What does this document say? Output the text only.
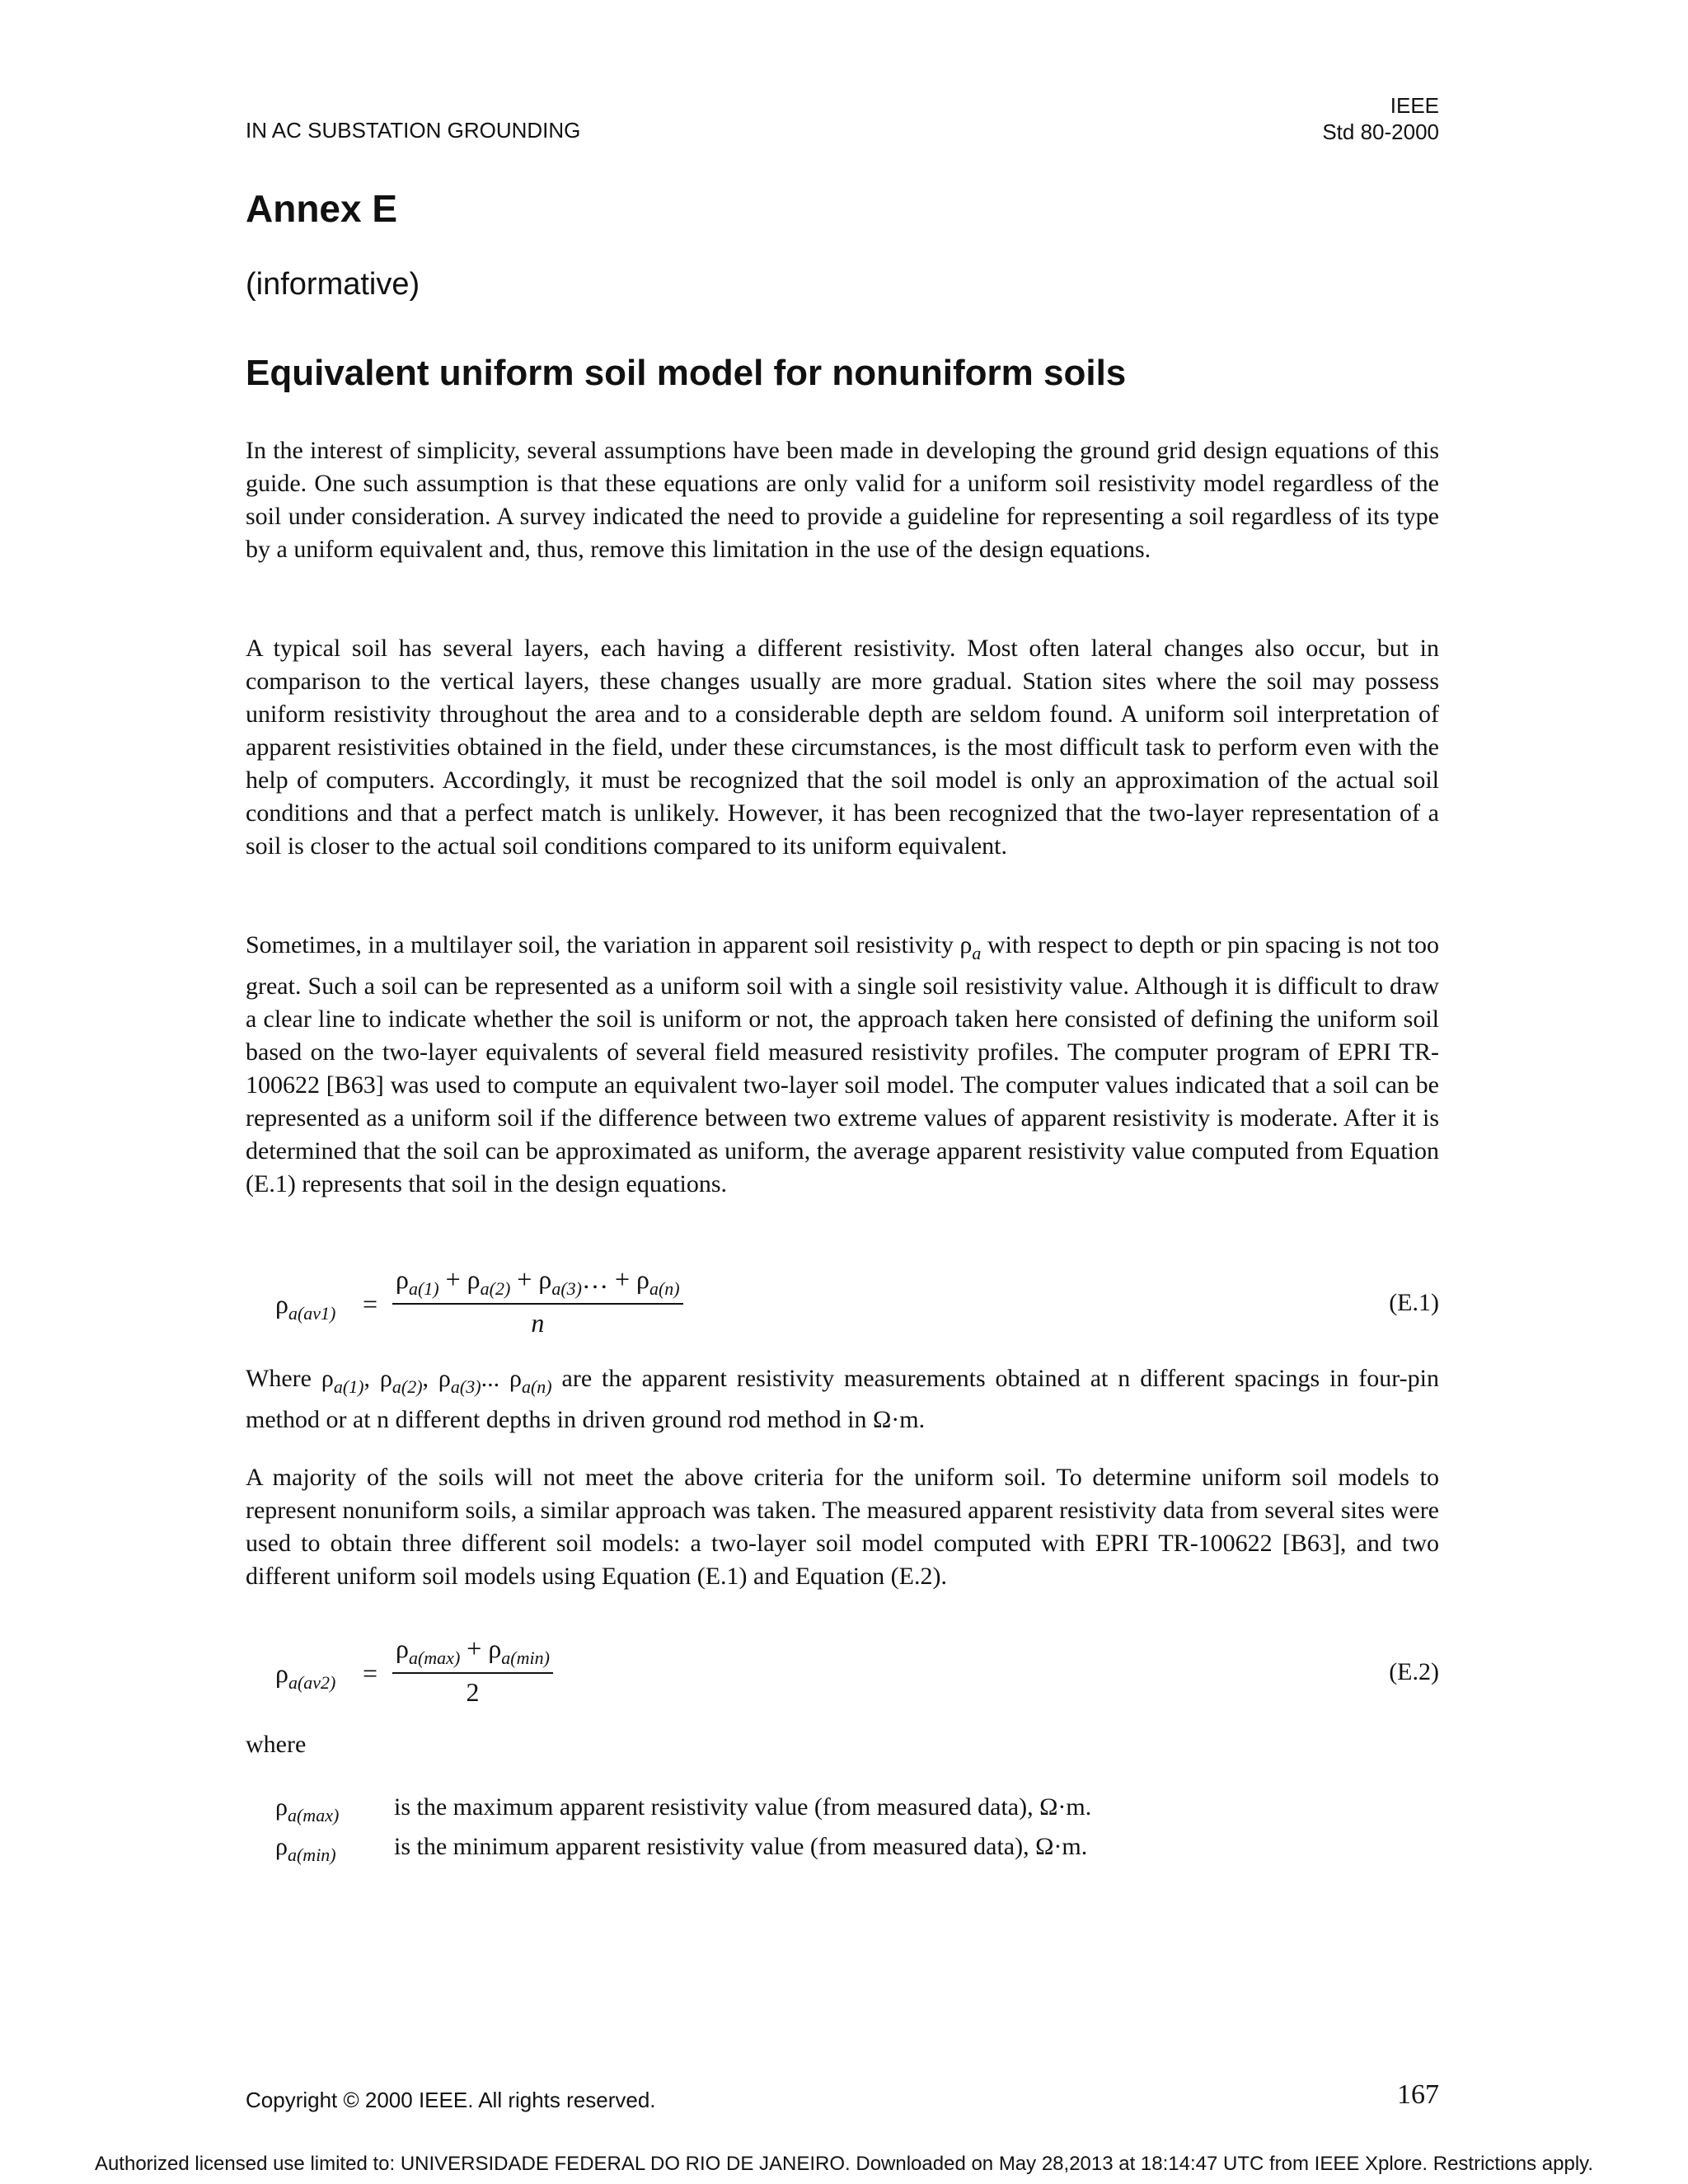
IN AC SUBSTATION GROUNDING
IEEE
Std 80-2000
Annex E
(informative)
Equivalent uniform soil model for nonuniform soils

In the interest of simplicity, several assumptions have been made in developing the ground grid design equations of this guide. One such assumption is that these equations are only valid for a uniform soil resistivity model regardless of the soil under consideration. A survey indicated the need to provide a guideline for representing a soil regardless of its type by a uniform equivalent and, thus, remove this limitation in the use of the design equations.

A typical soil has several layers, each having a different resistivity. Most often lateral changes also occur, but in comparison to the vertical layers, these changes usually are more gradual. Station sites where the soil may possess uniform resistivity throughout the area and to a considerable depth are seldom found. A uniform soil interpretation of apparent resistivities obtained in the field, under these circumstances, is the most difficult task to perform even with the help of computers. Accordingly, it must be recognized that the soil model is only an approximation of the actual soil conditions and that a perfect match is unlikely. However, it has been recognized that the two-layer representation of a soil is closer to the actual soil conditions compared to its uniform equivalent.

Sometimes, in a multilayer soil, the variation in apparent soil resistivity $\rho_a$ with respect to depth or pin spacing is not too great. Such a soil can be represented as a uniform soil with a single soil resistivity value. Although it is difficult to draw a clear line to indicate whether the soil is uniform or not, the approach taken here consisted of defining the uniform soil based on the two-layer equivalents of several field measured resistivity profiles. The computer program of EPRI TR-100622 [B63] was used to compute an equivalent two-layer soil model. The computer values indicated that a soil can be represented as a uniform soil if the difference between two extreme values of apparent resistivity is moderate. After it is determined that the soil can be approximated as uniform, the average apparent resistivity value computed from Equation (E.1) represents that soil in the design equations.

$\rho_{a(av1)} = \frac{\rho_{a(1)} + \rho_{a(2)} + \rho_{a(3)}\dots + \rho_{a(n)}}{n}$	(E.1)

Where $\rho_{a(1)}$, $\rho_{a(2)}$, $\rho_{a(3)}$... $\rho_{a(n)}$ are the apparent resistivity measurements obtained at n different spacings in four-pin method or at n different depths in driven ground rod method in Ω·m.

A majority of the soils will not meet the above criteria for the uniform soil. To determine uniform soil models to represent nonuniform soils, a similar approach was taken. The measured apparent resistivity data from several sites were used to obtain three different soil models: a two-layer soil model computed with EPRI TR-100622 [B63], and two different uniform soil models using Equation (E.1) and Equation (E.2).

$\rho_{a(av2)}$ =
$\rho_{a(max)} + \rho_{a(min)}$
2
(E.2)
where
$\rho_{a(max)}$ is the maximum apparent resistivity value (from measured data), Ω·m.
$\rho_{a(min)}$ is the minimum apparent resistivity value (from measured data), Ω·m.
Copyright © 2000 IEEE. All rights reserved.	167
Authorized licensed use limited to: UNIVERSIDADE FEDERAL DO RIO DE JANEIRO. Downloaded on May 28,2013 at 18:14:47 UTC from IEEE Xplore. Restrictions apply.
